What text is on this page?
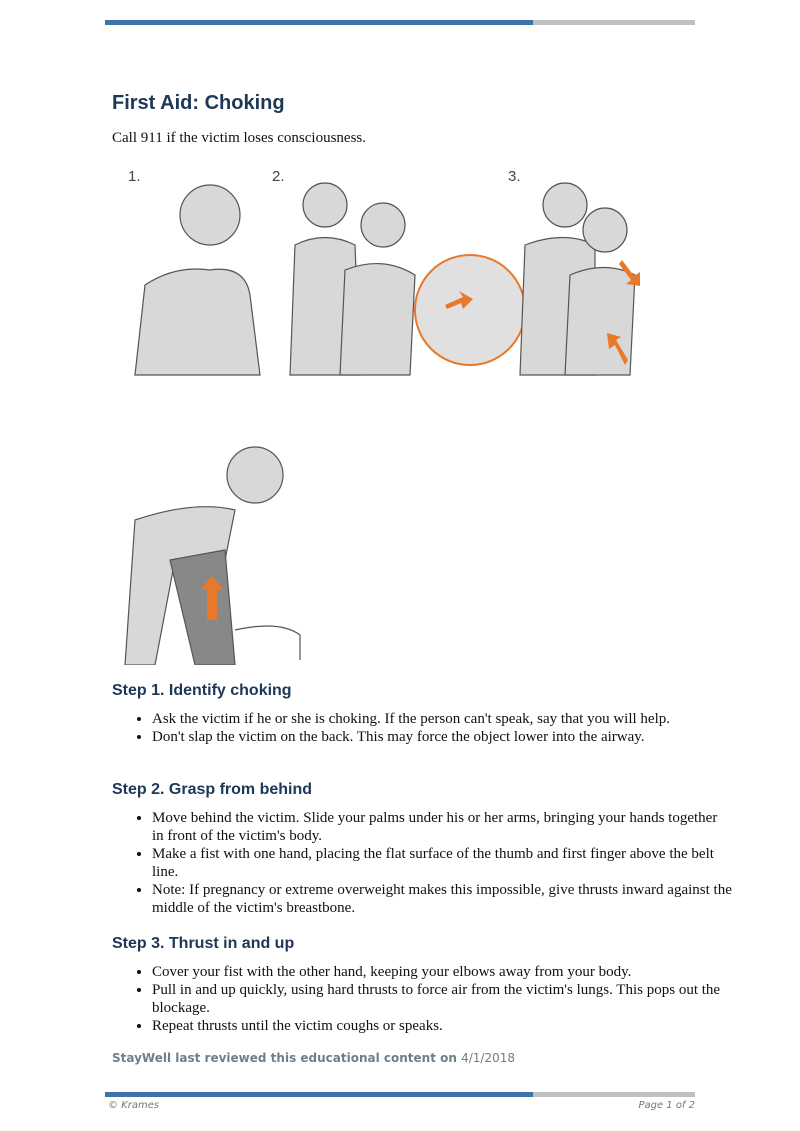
First Aid: Choking
Call 911 if the victim loses consciousness.
1.	2.	3.
Step 1. Identify choking
• Ask the victim if he or she is choking. If the person can't speak, say that you will help.
• Don't slap the victim on the back. This may force the object lower into the airway.
Step 2. Grasp from behind
• Move behind the victim. Slide your palms under his or her arms, bringing your hands together in front of the victim's body.
• Make a fist with one hand, placing the flat surface of the thumb and first finger above the belt line.
• Note: If pregnancy or extreme overweight makes this impossible, give thrusts inward against the middle of the victim's breastbone.
Step 3. Thrust in and up
• Cover your fist with the other hand, keeping your elbows away from your body.
• Pull in and up quickly, using hard thrusts to force air from the victim's lungs. This pops out the blockage.
• Repeat thrusts until the victim coughs or speaks.
StayWell last reviewed this educational content on 4/1/2018
© Krames	Page 1 of 2
